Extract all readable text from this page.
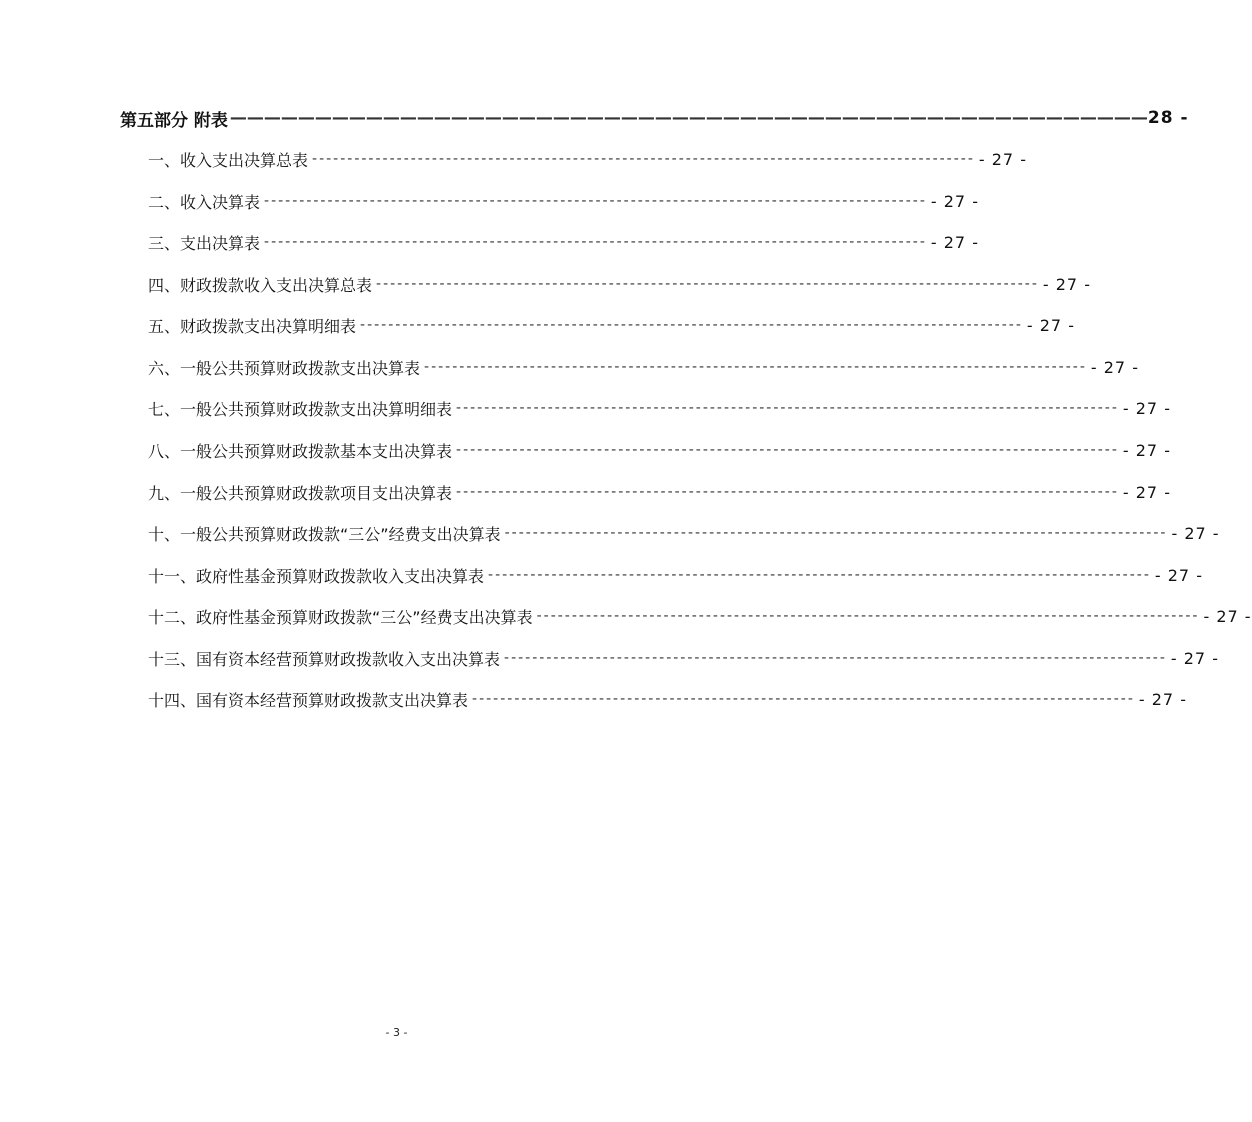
第五部分 附表 —————————————————————————————————————————————————————— 28 -
一、收入支出决算总表 ---------------------------------------------------------------------------------------------- - 27 -
二、收入决算表 ---------------------------------------------------------------------------------------------- - 27 -
三、支出决算表 ---------------------------------------------------------------------------------------------- - 27 -
四、财政拨款收入支出决算总表 ---------------------------------------------------------------------------------------------- - 27 -
五、财政拨款支出决算明细表 ---------------------------------------------------------------------------------------------- - 27 -
六、一般公共预算财政拨款支出决算表 ---------------------------------------------------------------------------------------------- - 27 -
七、一般公共预算财政拨款支出决算明细表 ---------------------------------------------------------------------------------------------- - 27 -
八、一般公共预算财政拨款基本支出决算表 ---------------------------------------------------------------------------------------------- - 27 -
九、一般公共预算财政拨款项目支出决算表 ---------------------------------------------------------------------------------------------- - 27 -
十、一般公共预算财政拨款“三公”经费支出决算表 ---------------------------------------------------------------------------------------------- - 27 -
十一、政府性基金预算财政拨款收入支出决算表 ---------------------------------------------------------------------------------------------- - 27 -
十二、政府性基金预算财政拨款“三公”经费支出决算表 ---------------------------------------------------------------------------------------------- - 27 -
十三、国有资本经营预算财政拨款收入支出决算表 ---------------------------------------------------------------------------------------------- - 27 -
十四、国有资本经营预算财政拨款支出决算表 ---------------------------------------------------------------------------------------------- - 27 -
- 3 -
